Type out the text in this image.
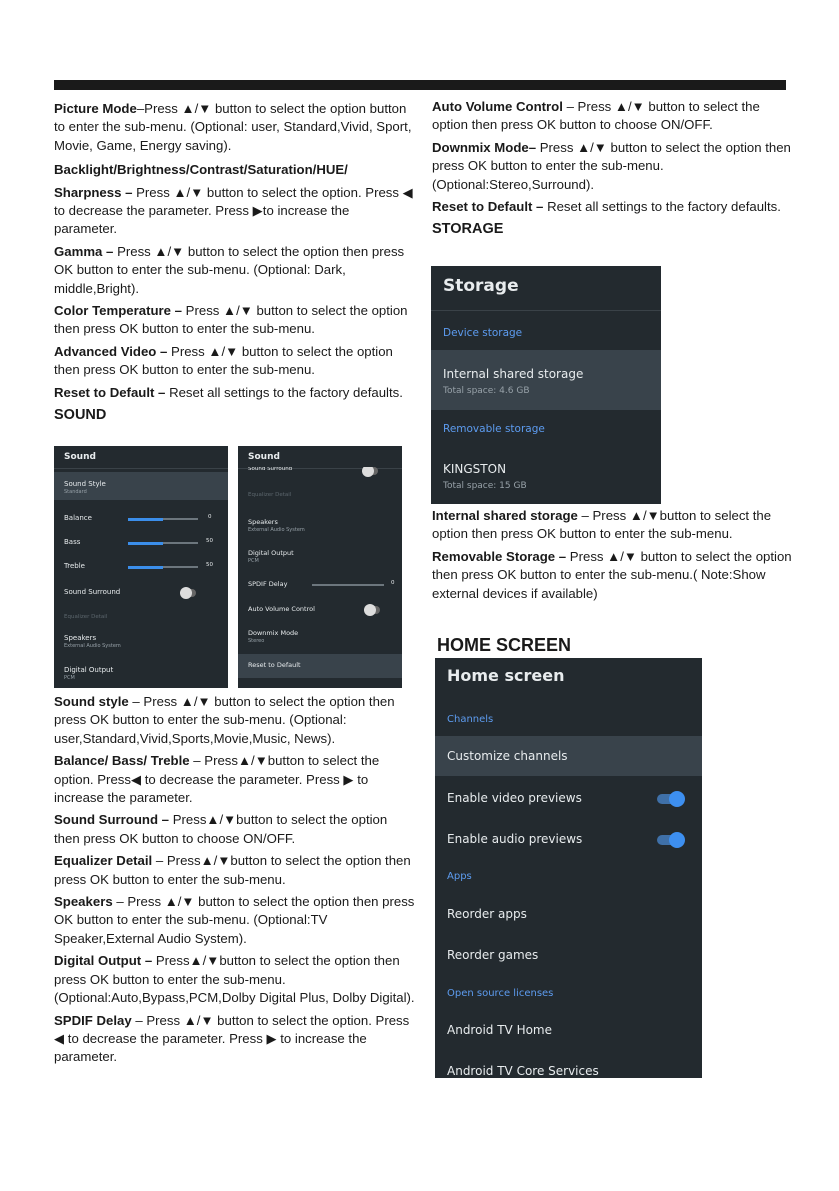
Picture Mode–Press ▲/▼ button to select the option button to enter the sub-menu. (Optional: user, Standard,Vivid, Sport, Movie, Game, Energy saving).

Backlight/Brightness/Contrast/Saturation/HUE/

Sharpness – Press ▲/▼ button to select the option. Press ◀ to decrease the parameter. Press ▶to increase the parameter.

Gamma – Press ▲/▼ button to select the option then press OK button to enter the sub-menu. (Optional: Dark, middle,Bright).

Color Temperature – Press ▲/▼ button to select the option then press OK button to enter the sub-menu.

Advanced Video – Press ▲/▼ button to select the option then press OK button to enter the sub-menu.

Reset to Default – Reset all settings to the factory defaults.

SOUND

Sound
Sound Style
Standard
Balance	0
Bass	50
Treble	50
Sound Surround
Equalizer Detail
Speakers
External Audio System
Digital Output
PCM
Sound
Sound Surround
Equalizer Detail
Speakers
External Audio System
Digital Output
PCM
SPDIF Delay	0
Auto Volume Control
Downmix Mode
Stereo
Reset to Default

Sound style – Press ▲/▼ button to select the option then press OK button to enter the sub-menu. (Optional: user,Standard,Vivid,Sports,Movie,Music, News).

Balance/ Bass/ Treble – Press▲/▼button to select the option. Press◀ to decrease the parameter. Press ▶ to increase the parameter.

Sound Surround – Press▲/▼button to select the option then press OK button to choose ON/OFF.

Equalizer Detail – Press▲/▼button to select the option then press OK button to enter the sub-menu.

Speakers – Press ▲/▼ button to select the option then press OK button to enter the sub-menu. (Optional:TV Speaker,External Audio System).

Digital Output – Press▲/▼button to select the option then press OK button to enter the sub-menu. (Optional:Auto,Bypass,PCM,Dolby Digital Plus, Dolby Digital).

SPDIF Delay – Press ▲/▼ button to select the option. Press ◀ to decrease the parameter. Press ▶ to increase the parameter.

Auto Volume Control – Press ▲/▼ button to select the option then press OK button to choose ON/OFF.

Downmix Mode– Press ▲/▼ button to select the option then press OK button to enter the sub-menu. (Optional:Stereo,Surround).

Reset to Default – Reset all settings to the factory defaults.

STORAGE

Storage
Device storage
Internal shared storage
Total space: 4.6 GB
Removable storage
KINGSTON
Total space: 15 GB

Internal shared storage – Press ▲/▼button to select the option then press OK button to enter the sub-menu.

Removable Storage – Press ▲/▼ button to select the option then press OK button to enter the sub-menu.( Note:Show external devices if available)

HOME SCREEN
Home screen
Channels
Customize channels
Enable video previews
Enable audio previews
Apps
Reorder apps
Reorder games
Open source licenses
Android TV Home
Android TV Core Services
